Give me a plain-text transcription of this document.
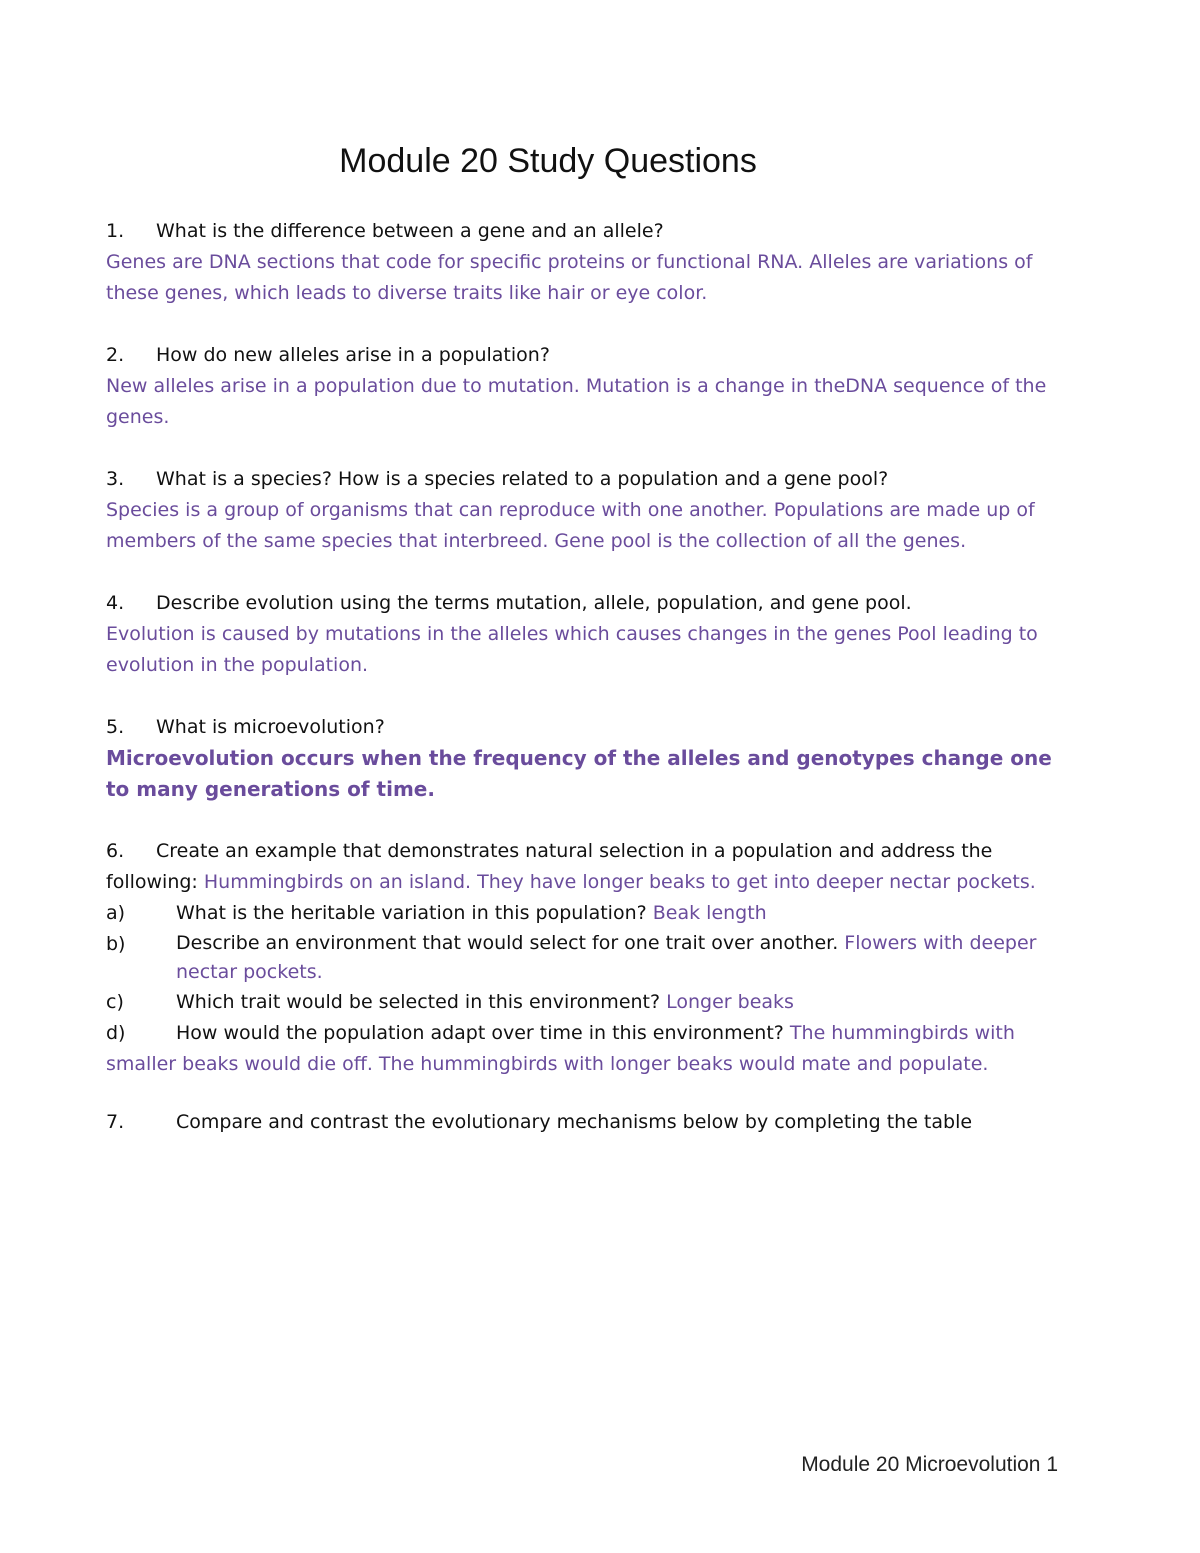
Module 20 Study Questions

1.	What is the difference between a gene and an allele?

Genes are DNA sections that code for specific proteins or functional RNA. Alleles are variations of these genes, which leads to diverse traits like hair or eye color.

2.	How do new alleles arise in a population?

New alleles arise in a population due to mutation. Mutation is a change in theDNA sequence of the genes.

3.	What is a species? How is a species related to a population and a gene pool?

Species is a group of organisms that can reproduce with one another. Populations are made up of members of the same species that interbreed. Gene pool is the collection of all the genes.

4.	Describe evolution using the terms mutation, allele, population, and gene pool.

Evolution is caused by mutations in the alleles which causes changes in the genes Pool leading to evolution in the population.

5.	What is microevolution?

Microevolution occurs when the frequency of the alleles and genotypes change one to many generations of time.

6.	Create an example that demonstrates natural selection in a population and address the

following: Hummingbirds on an island. They have longer beaks to get into deeper nectar pockets.

a)	What is the heritable variation in this population? Beak length

b)	Describe an environment that would select for one trait over another. Flowers with deeper nectar pockets.

c)	Which trait would be selected in this environment? Longer beaks

d)	How would the population adapt over time in this environment? The hummingbirds with

smaller beaks would die off. The hummingbirds with longer beaks would mate and populate.

7.	Compare and contrast the evolutionary mechanisms below by completing the table

Module 20 Microevolution 1
